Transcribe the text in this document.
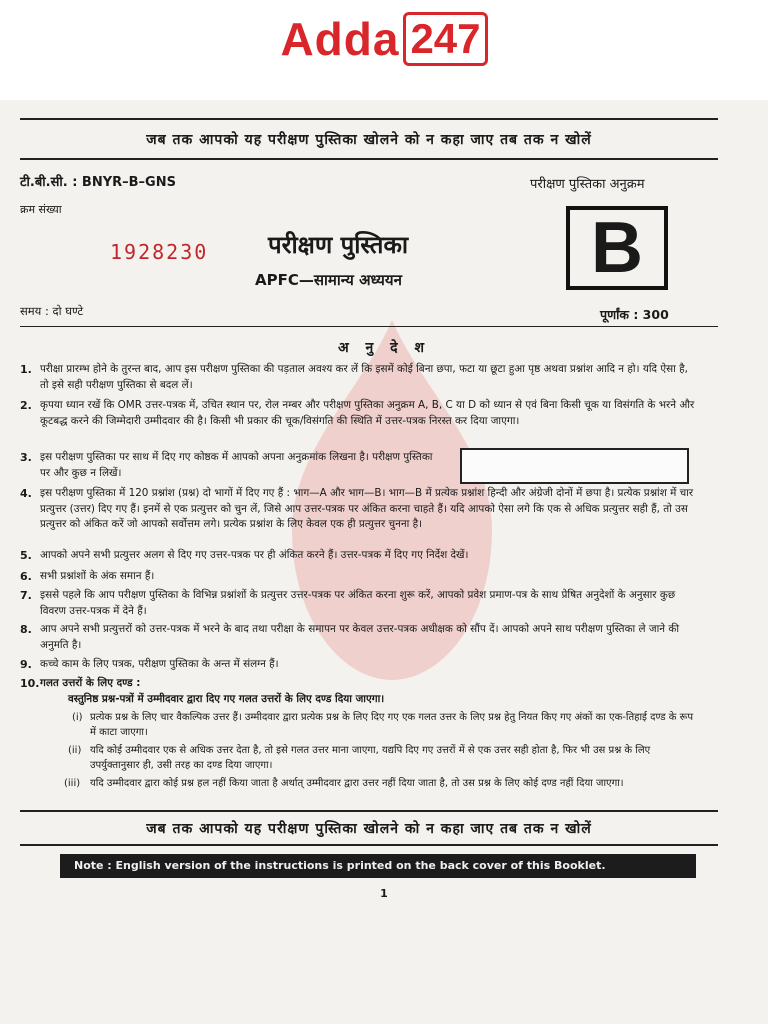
Adda 247
जब तक आपको यह परीक्षण पुस्तिका खोलने को न कहा जाए तब तक न खोलें
टी.बी.सी. : BNYR–B–GNS	परीक्षण पुस्तिका अनुक्रम
क्रम संख्या
1928230 परीक्षण पुस्तिका
APFC—सामान्य अध्ययन	B
समय : दो घण्टे	पूर्णांक : 300
अ नु दे श
1. परीक्षा प्रारम्भ होने के तुरन्त बाद, आप इस परीक्षण पुस्तिका की पड़ताल अवश्य कर लें कि इसमें कोई बिना छपा, फटा या छूटा हुआ पृष्ठ अथवा प्रश्नांश आदि न हो। यदि ऐसा है, तो इसे सही परीक्षण पुस्तिका से बदल लें।
2. कृपया ध्यान रखें कि OMR उत्तर-पत्रक में, उचित स्थान पर, रोल नम्बर और परीक्षण पुस्तिका अनुक्रम A, B, C या D को ध्यान से एवं बिना किसी चूक या विसंगति के भरने और कूटबद्ध करने की जिम्मेदारी उम्मीदवार की है। किसी भी प्रकार की चूक/विसंगति की स्थिति में उत्तर-पत्रक निरस्त कर दिया जाएगा।
3. इस परीक्षण पुस्तिका पर साथ में दिए गए कोष्ठक में आपको अपना अनुक्रमांक लिखना है। परीक्षण पुस्तिका पर और कुछ न लिखें।
4. इस परीक्षण पुस्तिका में 120 प्रश्नांश (प्रश्न) दो भागों में दिए गए हैं : भाग—A और भाग—B। भाग—B में प्रत्येक प्रश्नांश हिन्दी और अंग्रेजी दोनों में छपा है। प्रत्येक प्रश्नांश में चार प्रत्युत्तर (उत्तर) दिए गए हैं। इनमें से एक प्रत्युत्तर को चुन लें, जिसे आप उत्तर-पत्रक पर अंकित करना चाहते हैं। यदि आपको ऐसा लगे कि एक से अधिक प्रत्युत्तर सही हैं, तो उस प्रत्युत्तर को अंकित करें जो आपको सर्वोत्तम लगे। प्रत्येक प्रश्नांश के लिए केवल एक ही प्रत्युत्तर चुनना है।
5. आपको अपने सभी प्रत्युत्तर अलग से दिए गए उत्तर-पत्रक पर ही अंकित करने हैं। उत्तर-पत्रक में दिए गए निर्देश देखें।
6. सभी प्रश्नांशों के अंक समान हैं।
7. इससे पहले कि आप परीक्षण पुस्तिका के विभिन्न प्रश्नांशों के प्रत्युत्तर उत्तर-पत्रक पर अंकित करना शुरू करें, आपको प्रवेश प्रमाण-पत्र के साथ प्रेषित अनुदेशों के अनुसार कुछ विवरण उत्तर-पत्रक में देने हैं।
8. आप अपने सभी प्रत्युत्तरों को उत्तर-पत्रक में भरने के बाद तथा परीक्षा के समापन पर केवल उत्तर-पत्रक अधीक्षक को सौंप दें। आपको अपने साथ परीक्षण पुस्तिका ले जाने की अनुमति है।
9. कच्चे काम के लिए पत्रक, परीक्षण पुस्तिका के अन्त में संलग्न हैं।
10. गलत उत्तरों के लिए दण्ड :
वस्तुनिष्ठ प्रश्न-पत्रों में उम्मीदवार द्वारा दिए गए गलत उत्तरों के लिए दण्ड दिया जाएगा।
(i) प्रत्येक प्रश्न के लिए चार वैकल्पिक उत्तर हैं। उम्मीदवार द्वारा प्रत्येक प्रश्न के लिए दिए गए एक गलत उत्तर के लिए प्रश्न हेतु नियत किए गए अंकों का एक-तिहाई दण्ड के रूप में काटा जाएगा।
(ii) यदि कोई उम्मीदवार एक से अधिक उत्तर देता है, तो इसे गलत उत्तर माना जाएगा, यद्यपि दिए गए उत्तरों में से एक उत्तर सही होता है, फिर भी उस प्रश्न के लिए उपर्युक्तानुसार ही, उसी तरह का दण्ड दिया जाएगा।
(iii) यदि उम्मीदवार द्वारा कोई प्रश्न हल नहीं किया जाता है अर्थात् उम्मीदवार द्वारा उत्तर नहीं दिया जाता है, तो उस प्रश्न के लिए कोई दण्ड नहीं दिया जाएगा।
जब तक आपको यह परीक्षण पुस्तिका खोलने को न कहा जाए तब तक न खोलें
Note : English version of the instructions is printed on the back cover of this Booklet.
1
